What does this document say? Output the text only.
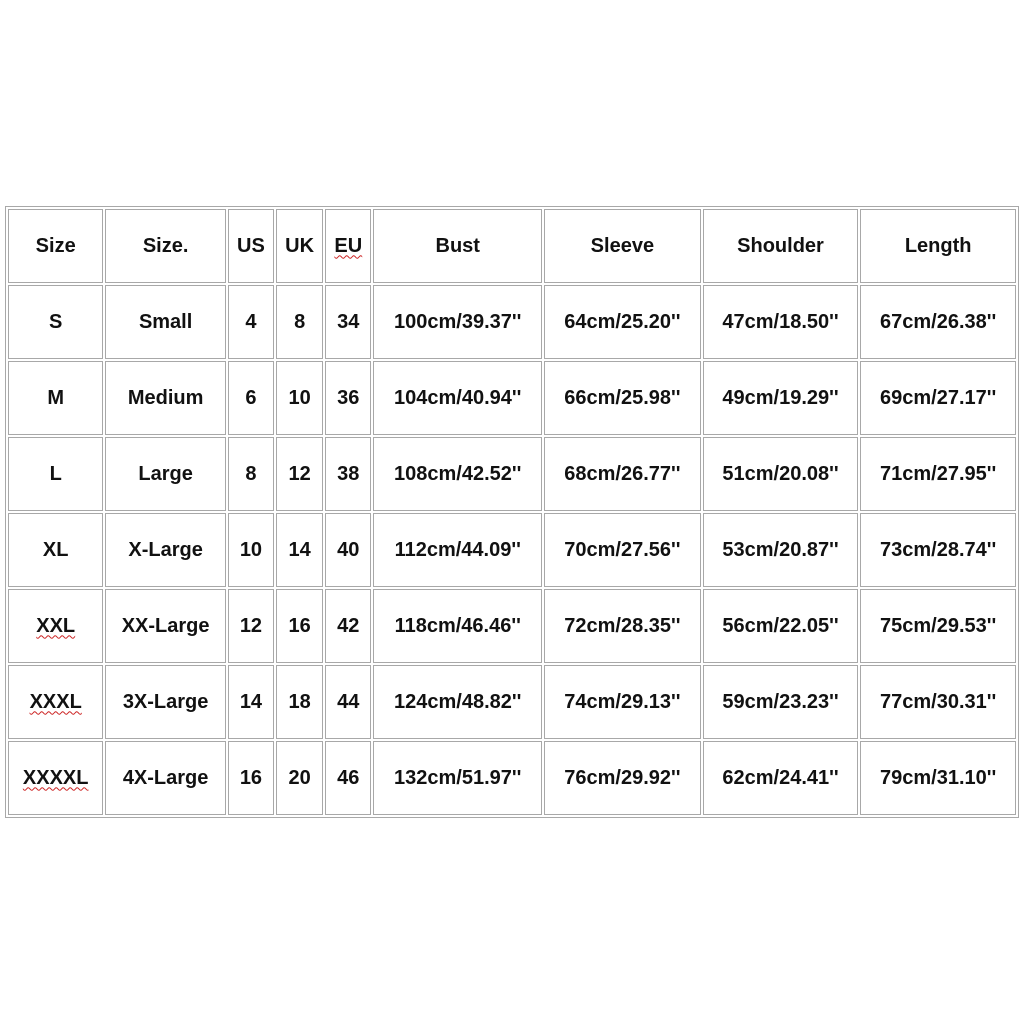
Size	Size.	US	UK	EU	Bust	Sleeve	Shoulder	Length
S	Small	4	8	34	100cm/39.37''	64cm/25.20''	47cm/18.50''	67cm/26.38''
M	Medium	6	10	36	104cm/40.94''	66cm/25.98''	49cm/19.29''	69cm/27.17''
L	Large	8	12	38	108cm/42.52''	68cm/26.77''	51cm/20.08''	71cm/27.95''
XL	X-Large	10	14	40	112cm/44.09''	70cm/27.56''	53cm/20.87''	73cm/28.74''
XXL	XX-Large	12	16	42	118cm/46.46''	72cm/28.35''	56cm/22.05''	75cm/29.53''
XXXL	3X-Large	14	18	44	124cm/48.82''	74cm/29.13''	59cm/23.23''	77cm/30.31''
XXXXL	4X-Large	16	20	46	132cm/51.97''	76cm/29.92''	62cm/24.41''	79cm/31.10''
